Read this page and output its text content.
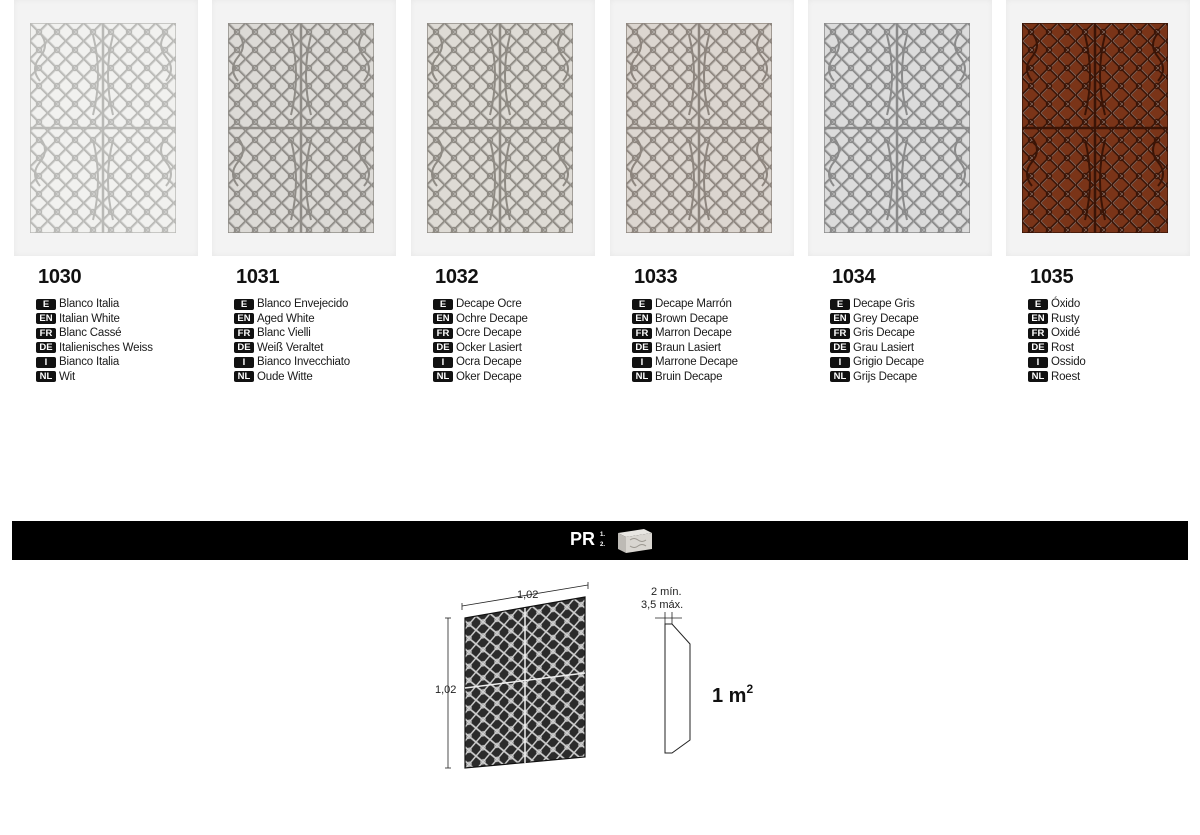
1030
E Blanco Italia
EN Italian White
FR Blanc Cassé
DE Italienisches Weiss
I	Bianco Italia
NL Wit
1031
E Blanco Envejecido
EN Aged White
FR Blanc Vielli
DE Weiß Veraltet
I	Bianco Invecchiato
NL Oude Witte
1032
E Decape Ocre
EN Ochre Decape
FR Ocre Decape
DE Ocker Lasiert
I	Ocra Decape
NL Oker Decape
1033
E Decape Marrón
EN Brown Decape
FR Marron Decape
DE Braun Lasiert
I	Marrone Decape
NL Bruin Decape
1034
E Decape Gris
EN Grey Decape
FR Gris Decape
DE Grau Lasiert
I	Grigio Decape
NL Grijs Decape
1035
E Óxido
EN Rusty
FR Oxidé
DE Rost
I	Ossido
NL Roest
PR 1.
2.
1,02
1,02
2 mín.
3,5 máx.
1 $m^2$
